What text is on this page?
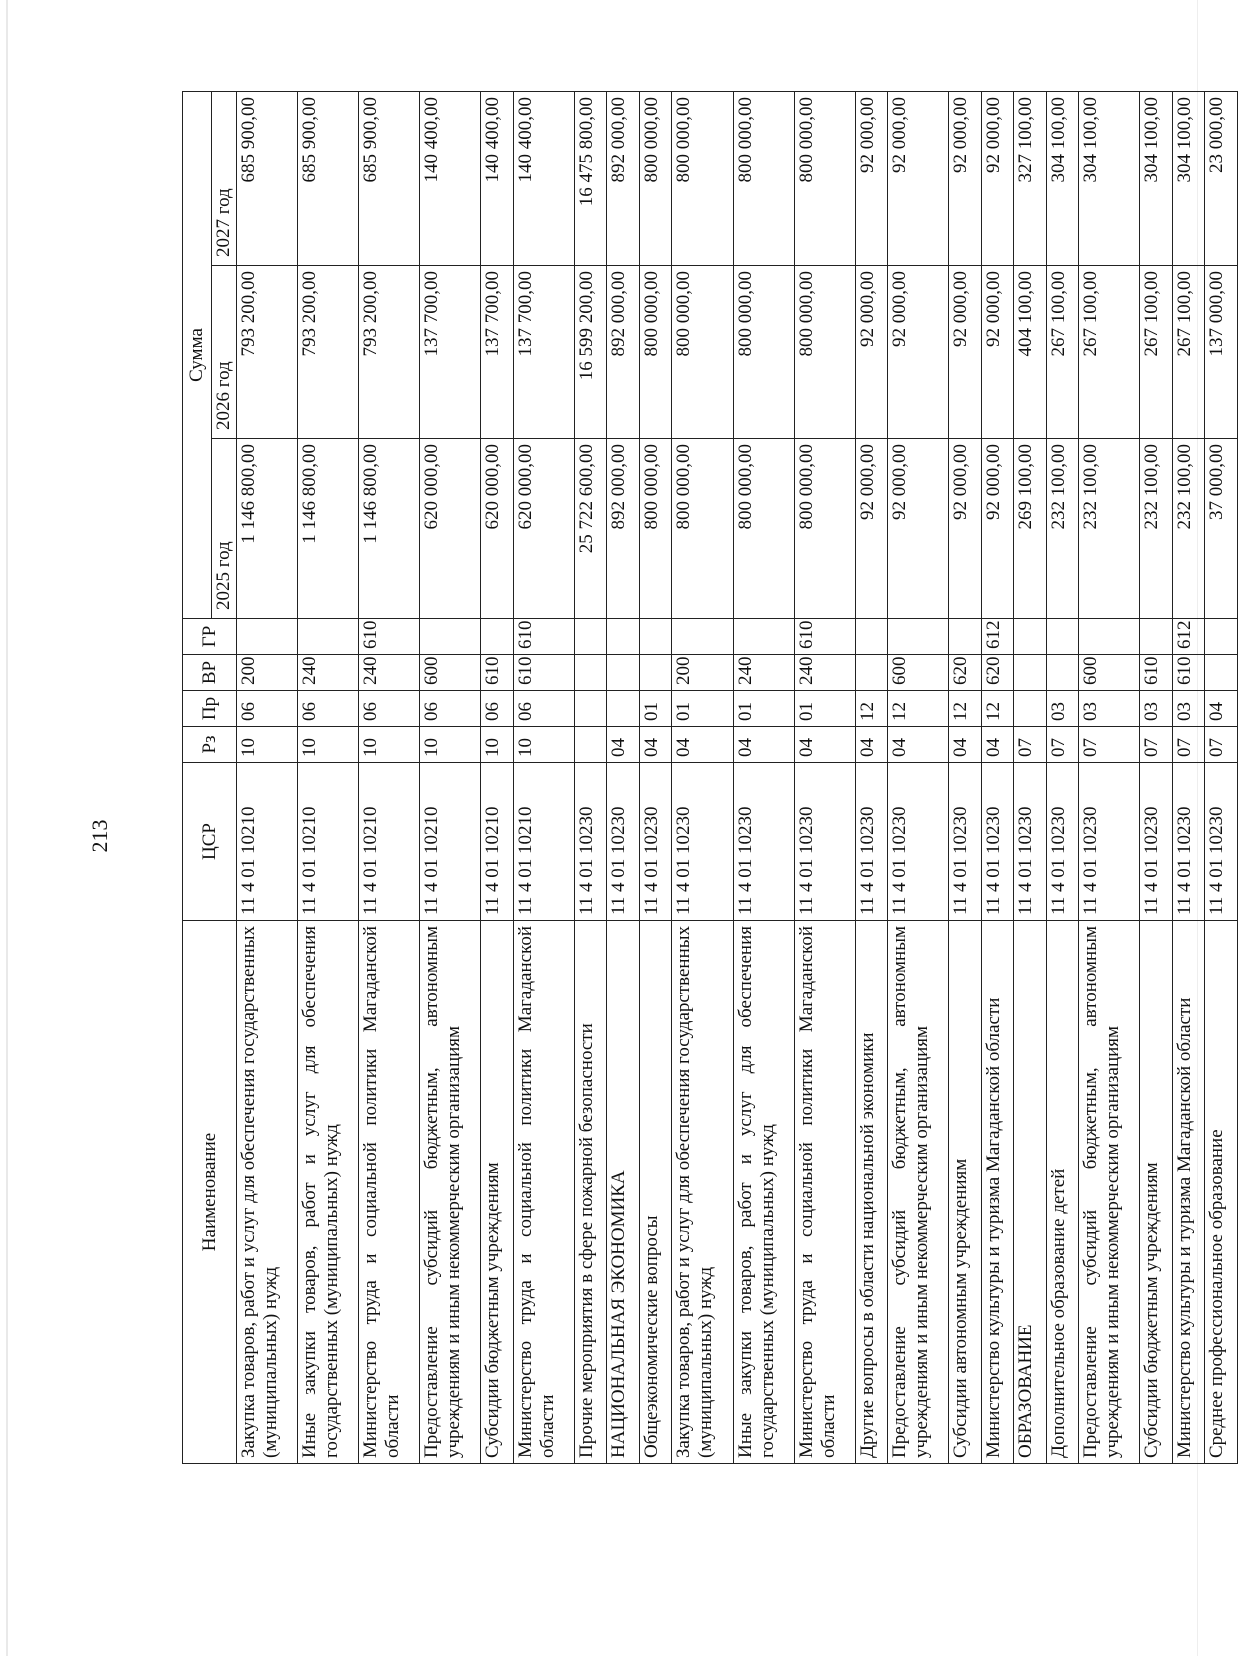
213
Наименование	ЦСР	Рз	Пр	ВР	ГР	Сумма		
						2025 год	2026 год	2027 год
Закупка товаров, работ и услуг для обеспечения государственных (муниципальных) нужд	11 4 01 10210	10	06	200		1 146 800,00	793 200,00	685 900,00
Иные закупки товаров, работ и услуг для обеспечения государственных (муниципальных) нужд	11 4 01 10210	10	06	240		1 146 800,00	793 200,00	685 900,00
Министерство труда и социальной политики Магаданской области	11 4 01 10210	10	06	240	610	1 146 800,00	793 200,00	685 900,00
Предоставление субсидий бюджетным, автономным учреждениям и иным некоммерческим организациям	11 4 01 10210	10	06	600		620 000,00	137 700,00	140 400,00
Субсидии бюджетным учреждениям	11 4 01 10210	10	06	610		620 000,00	137 700,00	140 400,00
Министерство труда и социальной политики Магаданской области	11 4 01 10210	10	06	610	610	620 000,00	137 700,00	140 400,00
Прочие мероприятия в сфере пожарной безопасности	11 4 01 10230					25 722 600,00	16 599 200,00	16 475 800,00
НАЦИОНАЛЬНАЯ ЭКОНОМИКА	11 4 01 10230	04				892 000,00	892 000,00	892 000,00
Общеэкономические вопросы	11 4 01 10230	04	01			800 000,00	800 000,00	800 000,00
Закупка товаров, работ и услуг для обеспечения государственных (муниципальных) нужд	11 4 01 10230	04	01	200		800 000,00	800 000,00	800 000,00
Иные закупки товаров, работ и услуг для обеспечения государственных (муниципальных) нужд	11 4 01 10230	04	01	240		800 000,00	800 000,00	800 000,00
Министерство труда и социальной политики Магаданской области	11 4 01 10230	04	01	240	610	800 000,00	800 000,00	800 000,00
Другие вопросы в области национальной экономики	11 4 01 10230	04	12			92 000,00	92 000,00	92 000,00
Предоставление субсидий бюджетным, автономным учреждениям и иным некоммерческим организациям	11 4 01 10230	04	12	600		92 000,00	92 000,00	92 000,00
Субсидии автономным учреждениям	11 4 01 10230	04	12	620		92 000,00	92 000,00	92 000,00
Министерство культуры и туризма Магаданской области	11 4 01 10230	04	12	620	612	92 000,00	92 000,00	92 000,00
ОБРАЗОВАНИЕ	11 4 01 10230	07				269 100,00	404 100,00	327 100,00
Дополнительное образование детей	11 4 01 10230	07	03			232 100,00	267 100,00	304 100,00
Предоставление субсидий бюджетным, автономным учреждениям и иным некоммерческим организациям	11 4 01 10230	07	03	600		232 100,00	267 100,00	304 100,00
Субсидии бюджетным учреждениям	11 4 01 10230	07	03	610		232 100,00	267 100,00	304 100,00
Министерство культуры и туризма Магаданской области	11 4 01 10230	07	03	610	612	232 100,00	267 100,00	304 100,00
Среднее профессиональное образование	11 4 01 10230	07	04			37 000,00	137 000,00	23 000,00
